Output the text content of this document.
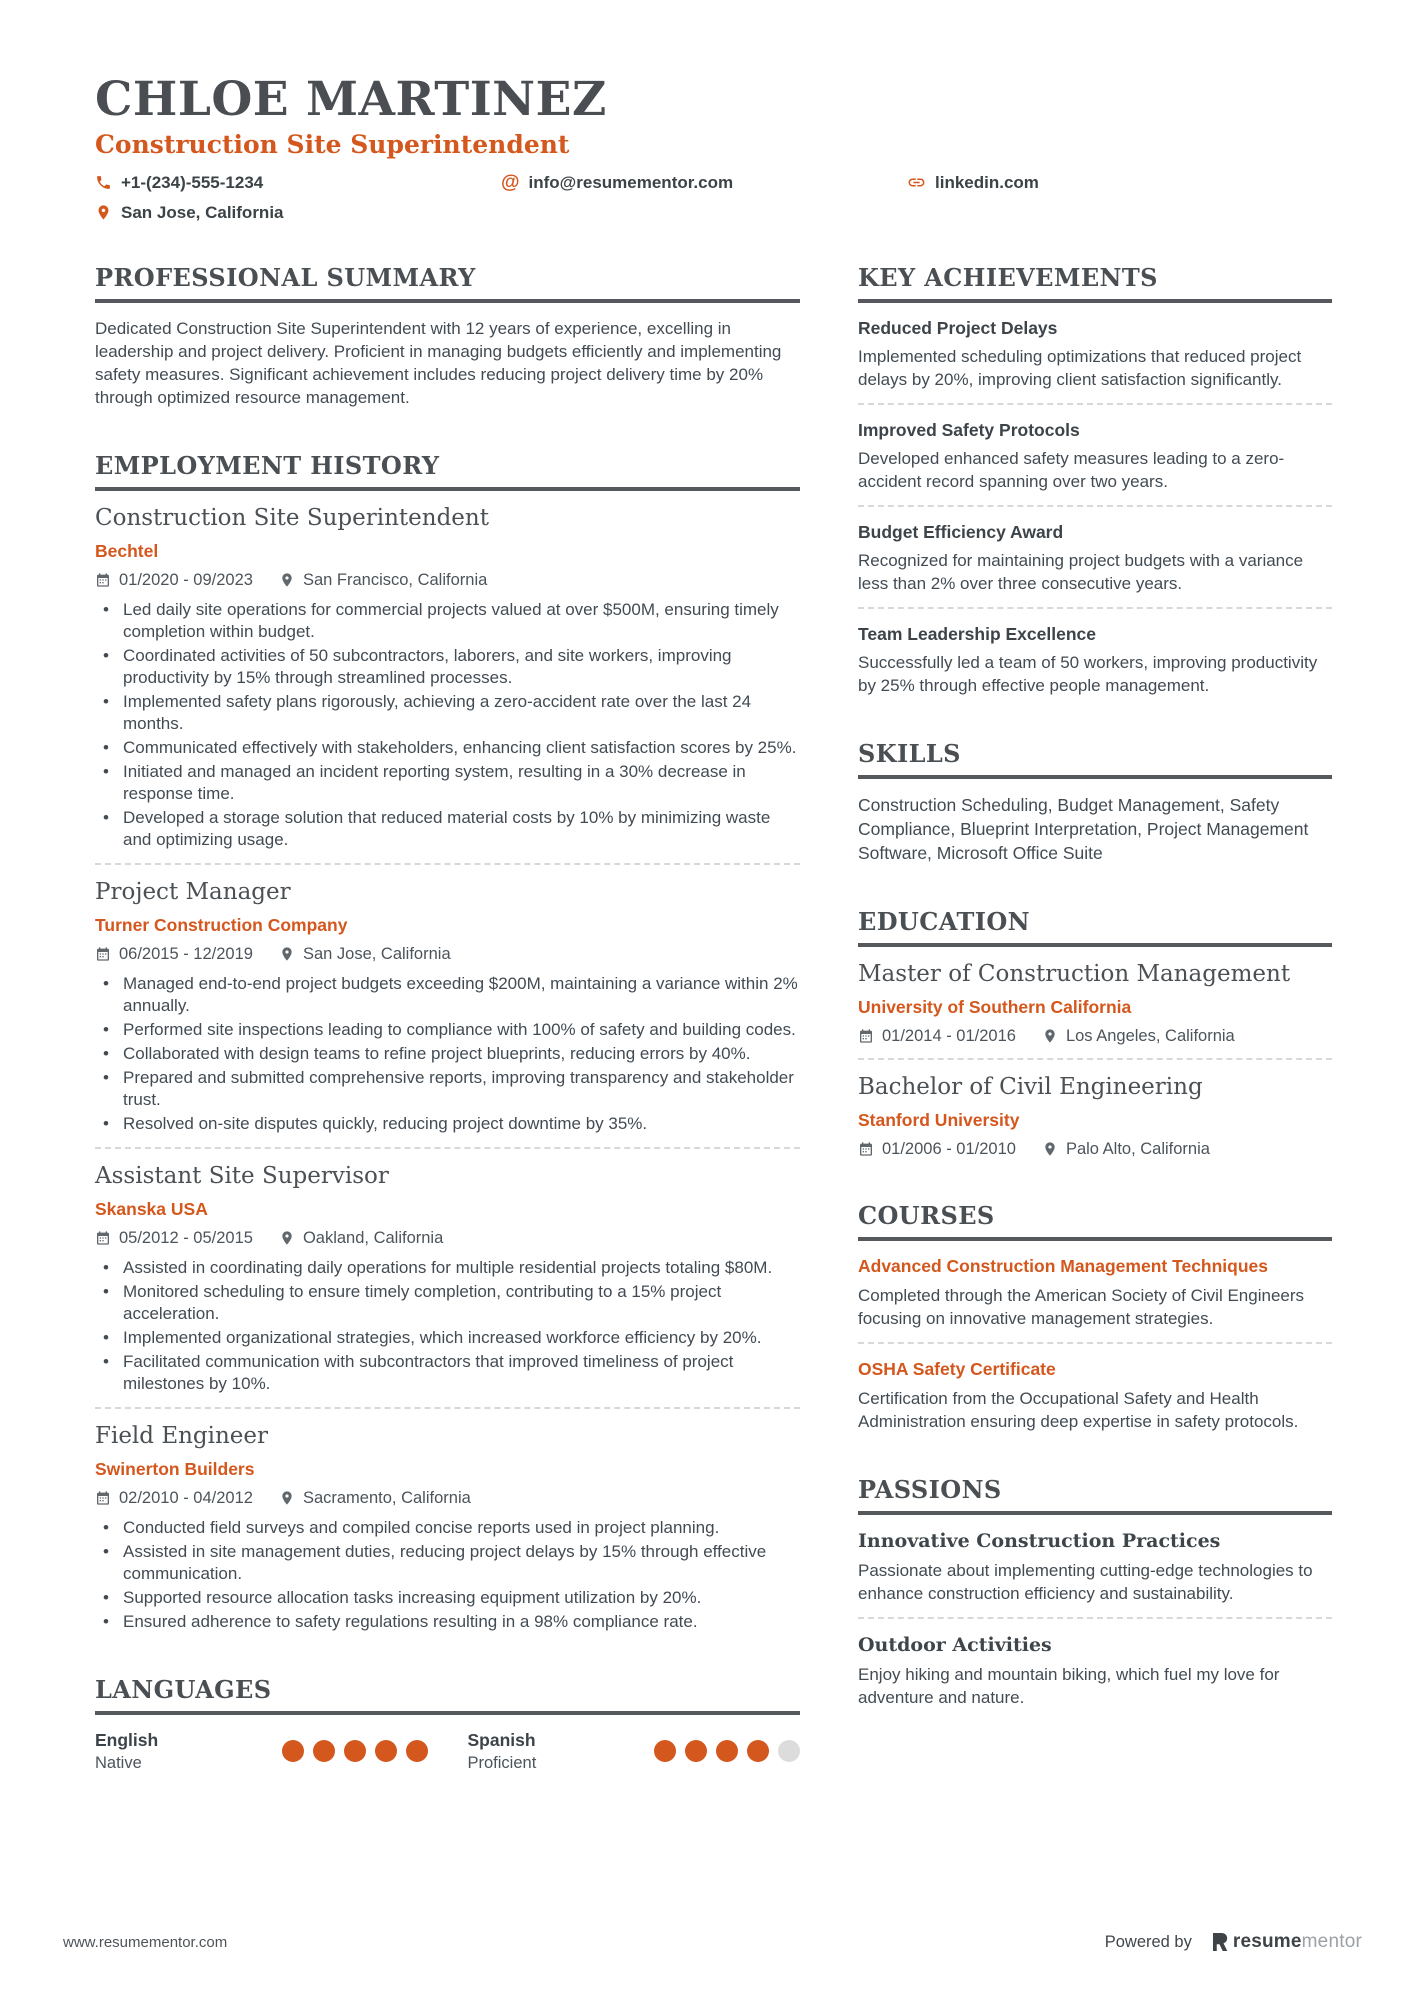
CHLOE MARTINEZ
Construction Site Superintendent
+1-(234)-555-1234	@ info@resumementor.com	linkedin.com
San Jose, California
PROFESSIONAL SUMMARY

Dedicated Construction Site Superintendent with 12 years of experience, excelling in leadership and project delivery. Proficient in managing budgets efficiently and implementing safety measures. Significant achievement includes reducing project delivery time by 20% through optimized resource management.

EMPLOYMENT HISTORY
Construction Site Superintendent
Bechtel
01/2020 - 09/2023	San Francisco, California
• Led daily site operations for commercial projects valued at over $500M, ensuring timely completion within budget.
• Coordinated activities of 50 subcontractors, laborers, and site workers, improving productivity by 15% through streamlined processes.
• Implemented safety plans rigorously, achieving a zero-accident rate over the last 24 months.
• Communicated effectively with stakeholders, enhancing client satisfaction scores by 25%.
• Initiated and managed an incident reporting system, resulting in a 30% decrease in response time.
• Developed a storage solution that reduced material costs by 10% by minimizing waste and optimizing usage.
Project Manager
Turner Construction Company
06/2015 - 12/2019	San Jose, California
• Managed end-to-end project budgets exceeding $200M, maintaining a variance within 2% annually.
• Performed site inspections leading to compliance with 100% of safety and building codes.
• Collaborated with design teams to refine project blueprints, reducing errors by 40%.
• Prepared and submitted comprehensive reports, improving transparency and stakeholder trust.
• Resolved on-site disputes quickly, reducing project downtime by 35%.
Assistant Site Supervisor
Skanska USA
05/2012 - 05/2015	Oakland, California
• Assisted in coordinating daily operations for multiple residential projects totaling $80M.
• Monitored scheduling to ensure timely completion, contributing to a 15% project acceleration.
• Implemented organizational strategies, which increased workforce efficiency by 20%.
• Facilitated communication with subcontractors that improved timeliness of project milestones by 10%.
Field Engineer
Swinerton Builders
02/2010 - 04/2012	Sacramento, California
• Conducted field surveys and compiled concise reports used in project planning.
• Assisted in site management duties, reducing project delays by 15% through effective communication.
• Supported resource allocation tasks increasing equipment utilization by 20%.
• Ensured adherence to safety regulations resulting in a 98% compliance rate.
LANGUAGES
English
Native
Spanish
Proficient
KEY ACHIEVEMENTS
Reduced Project Delays

Implemented scheduling optimizations that reduced project delays by 20%, improving client satisfaction significantly.

Improved Safety Protocols

Developed enhanced safety measures leading to a zero-accident record spanning over two years.

Budget Efficiency Award

Recognized for maintaining project budgets with a variance less than 2% over three consecutive years.

Team Leadership Excellence

Successfully led a team of 50 workers, improving productivity by 25% through effective people management.

SKILLS

Construction Scheduling, Budget Management, Safety Compliance, Blueprint Interpretation, Project Management Software, Microsoft Office Suite

EDUCATION
Master of Construction Management
University of Southern California
01/2014 - 01/2016	Los Angeles, California
Bachelor of Civil Engineering
Stanford University
01/2006 - 01/2010	Palo Alto, California
COURSES
Advanced Construction Management Techniques

Completed through the American Society of Civil Engineers focusing on innovative management strategies.

OSHA Safety Certificate

Certification from the Occupational Safety and Health Administration ensuring deep expertise in safety protocols.

PASSIONS
Innovative Construction Practices

Passionate about implementing cutting-edge technologies to enhance construction efficiency and sustainability.

Outdoor Activities

Enjoy hiking and mountain biking, which fuel my love for adventure and nature.

www.resumementor.com	Powered by resumementor
